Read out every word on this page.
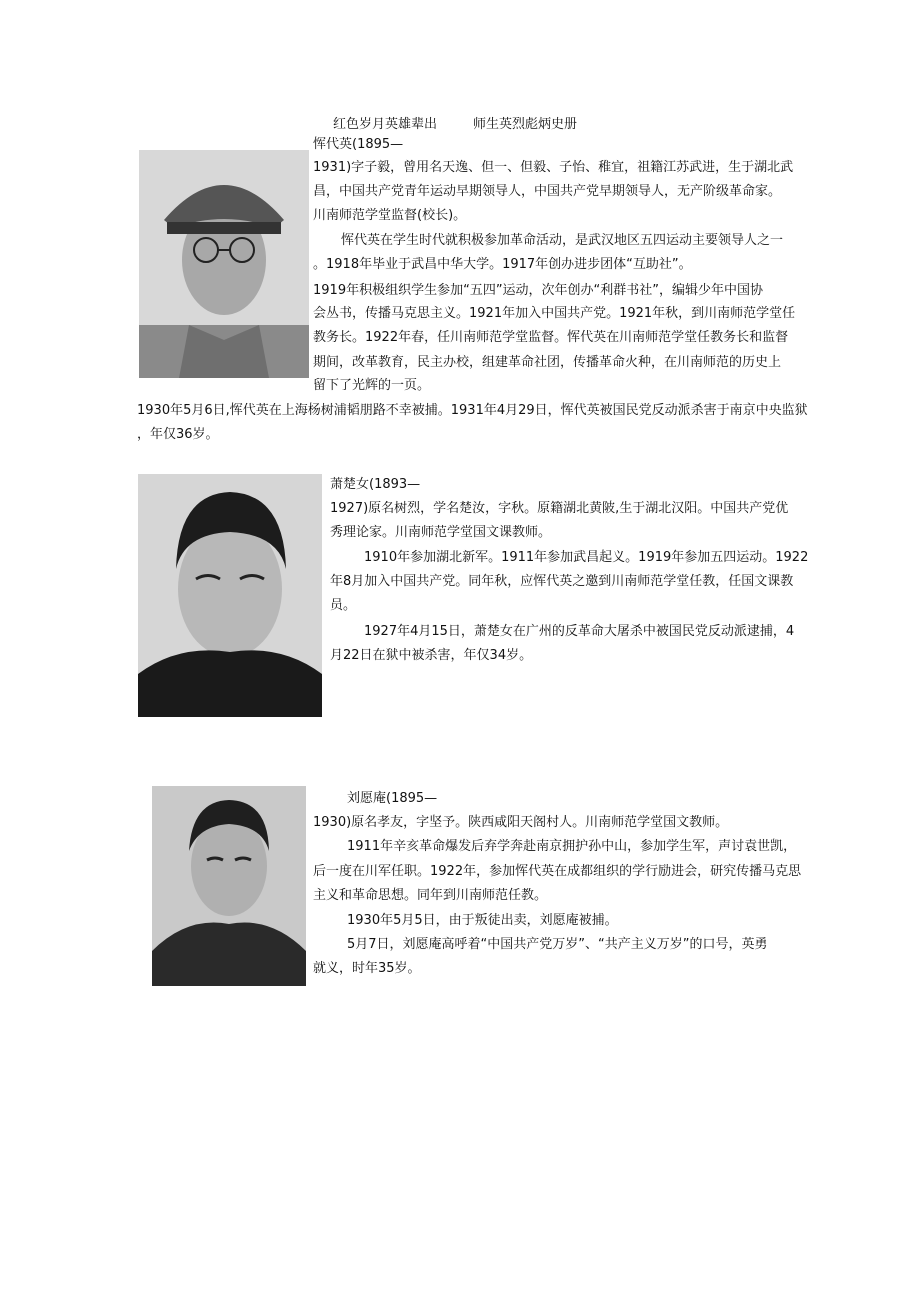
红色岁月英雄辈出	师生英烈彪炳史册
恽代英(1895—
1931)字子毅，曾用名天逸、但一、但毅、子怡、稚宜，祖籍江苏武进，生于湖北武
昌，中国共产党青年运动早期领导人，中国共产党早期领导人，无产阶级革命家。
川南师范学堂监督(校长)。
恽代英在学生时代就积极参加革命活动，是武汉地区五四运动主要领导人之一
。1918年毕业于武昌中华大学。1917年创办进步团体“互助社”。
1919年积极组织学生参加“五四”运动，次年创办“利群书社”，编辑少年中国协
会丛书，传播马克思主义。1921年加入中国共产党。1921年秋，到川南师范学堂任
教务长。1922年春，任川南师范学堂监督。恽代英在川南师范学堂任教务长和监督
期间，改革教育，民主办校，组建革命社团，传播革命火种，在川南师范的历史上
留下了光辉的一页。
1930年5月6日,恽代英在上海杨树浦韬朋路不幸被捕。1931年4月29日，恽代英被国民党反动派杀害于南京中央监狱
，年仅36岁。
萧楚女(1893—
1927)原名树烈，学名楚汝，字秋。原籍湖北黄陂,生于湖北汉阳。中国共产党优
秀理论家。川南师范学堂国文课教师。
1910年参加湖北新军。1911年参加武昌起义。1919年参加五四运动。1922
年8月加入中国共产党。同年秋，应恽代英之邀到川南师范学堂任教，任国文课教
员。
1927年4月15日，萧楚女在广州的反革命大屠杀中被国民党反动派逮捕，4
月22日在狱中被杀害，年仅34岁。
刘愿庵(1895—
1930)原名孝友，字坚予。陕西咸阳天阁村人。川南师范学堂国文教师。
1911年辛亥革命爆发后弃学奔赴南京拥护孙中山，参加学生军，声讨袁世凯，
后一度在川军任职。1922年，参加恽代英在成都组织的学行励进会，研究传播马克思
主义和革命思想。同年到川南师范任教。
1930年5月5日，由于叛徒出卖，刘愿庵被捕。
5月7日，刘愿庵高呼着“中国共产党万岁”、“共产主义万岁”的口号，英勇
就义，时年35岁。
